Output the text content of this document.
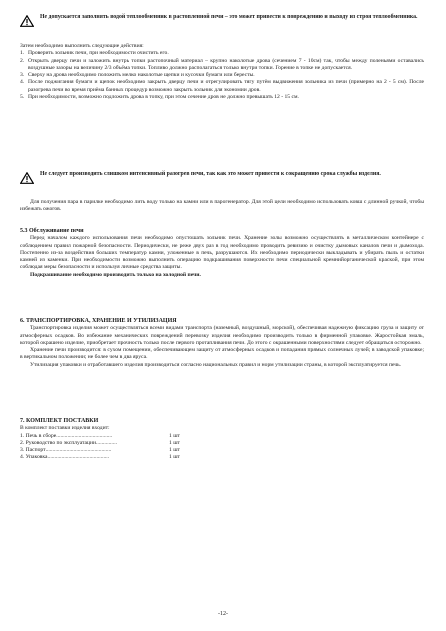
Не допускается заполнять водой теплообменник в растопленной печи – это может привести к повреждению и выходу из строя теплообменника.
Затем необходимо выполнить следующие действия:
1. Проверить зольник печи, при необходимости очистить его.
2. Открыть дверцу печи и заложить внутрь топки растопочный материал – крупно наколотые дрова (сечением 7 - 10см) так, чтобы между поленьями оставались воздушные зазоры на величину 2/3 объёма топки. Топливо должно располагаться только внутри топки. Горение в топке не допускается.
3. Сверху на дрова необходимо положить мелко наколотые щепки и кусочки бумаги или бересты.
4. После поджигания бумаги и щепок необходимо закрыть дверцу печи и отрегулировать тягу путём выдвижения зольника из печи (примерно на 2 - 5 см). После разогрева печи во время приёма банных процедур возможно закрыть зольник для экономии дров.
5. При необходимости, возможно подложить дрова в топку, при этом сечение дров не должно превышать 12 - 15 см.
Не следует производить слишком интенсивный разогрев печи, так как это может привести к сокращению срока службы изделия.
Для получения пара в парилке необходимо лить воду только на камни или в парогенератор. Для этой цели необходимо использовать ковш с длинной ручкой, чтобы избежать ожогов.
5.3 Обслуживание печи
Перед началом каждого использования печи необходимо опустошать зольник печи. Хранение золы возможно осуществлять в металлическом контейнере с соблюдением правил пожарной безопасности. Периодически, не реже двух раз в год необходимо проводить ревизию и очистку дымовых каналов печи и дымохода. Постепенно из-за воздействия больших температур камни, уложенные в печь, разрушаются. Их необходимо периодически выкладывать и убирать пыль и остатки камней из каменки. При необходимости возможно выполнить операцию подкрашивания поверхности печи специальной кремнийорганической краской, при этом соблюдая меры безопасности и используя личные средства защиты.
Подкрашивание необходимо производить только на холодной печи.
6. ТРАНСПОРТИРОВКА, ХРАНЕНИЕ И УТИЛИЗАЦИЯ
Транспортировка изделия может осуществляться всеми видами транспорта (наземный, воздушный, морской), обеспечивая надежную фиксацию груза и защиту от атмосферных осадков. Во избежание механических повреждений перевозку изделия необходимо производить только в фирменной упаковке. Жаростойкая эмаль, которой окрашено изделие, приобретает прочность только после первого протапливания печи. До этого с окрашенными поверхностями следует обращаться осторожно.
Хранение печи производится: в сухом помещении, обеспечивающем защиту от атмосферных осадков и попадания прямых солнечных лучей; в заводской упаковке; в вертикальном положении; не более чем в два яруса.
Утилизация упаковки и отработавшего изделия производиться согласно национальных правил и норм утилизации страны, в которой эксплуатируется печь.
7. КОМПЛЕКТ ПОСТАВКИ
В комплект поставки изделия входит:
1. Печь в сборе ........................................	1 шт
2. Руководство по эксплуатации ...............	1 шт
3. Паспорт ...............................................	1 шт
4. Упаковка ............................................	1 шт
-12-
